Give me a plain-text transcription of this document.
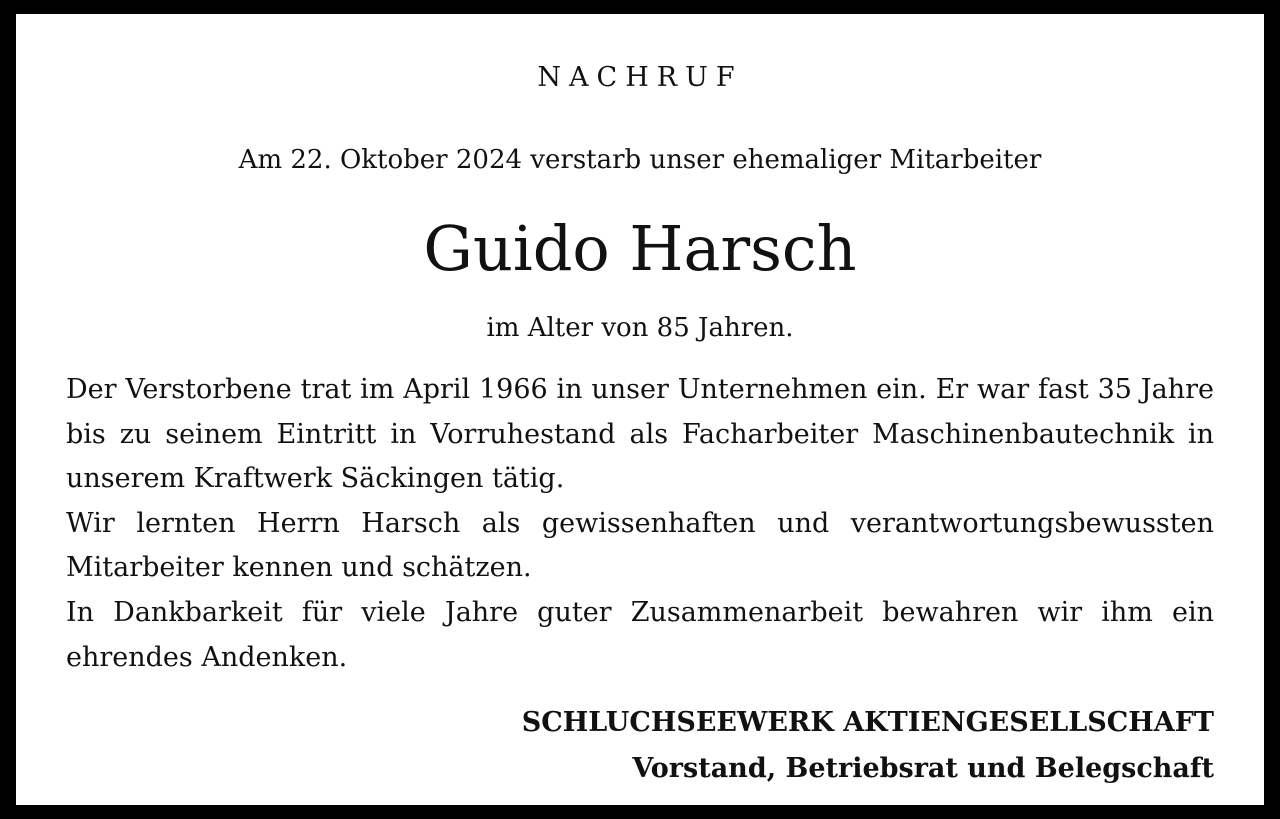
NACHRUF
Am 22. Oktober 2024 verstarb unser ehemaliger Mitarbeiter
Guido Harsch
im Alter von 85 Jahren.

Der Verstorbene trat im April 1966 in unser Unternehmen ein. Er war fast 35 Jahre bis zu seinem Eintritt in Vorruhestand als Facharbeiter Maschinenbautechnik in unserem Kraftwerk Säckingen tätig.

Wir lernten Herrn Harsch als gewissenhaften und verantwortungsbewussten Mitarbeiter kennen und schätzen.

In Dankbarkeit für viele Jahre guter Zusammenarbeit bewahren wir ihm ein ehrendes Andenken.

SCHLUCHSEEWERK AKTIENGESELLSCHAFT
Vorstand, Betriebsrat und Belegschaft
